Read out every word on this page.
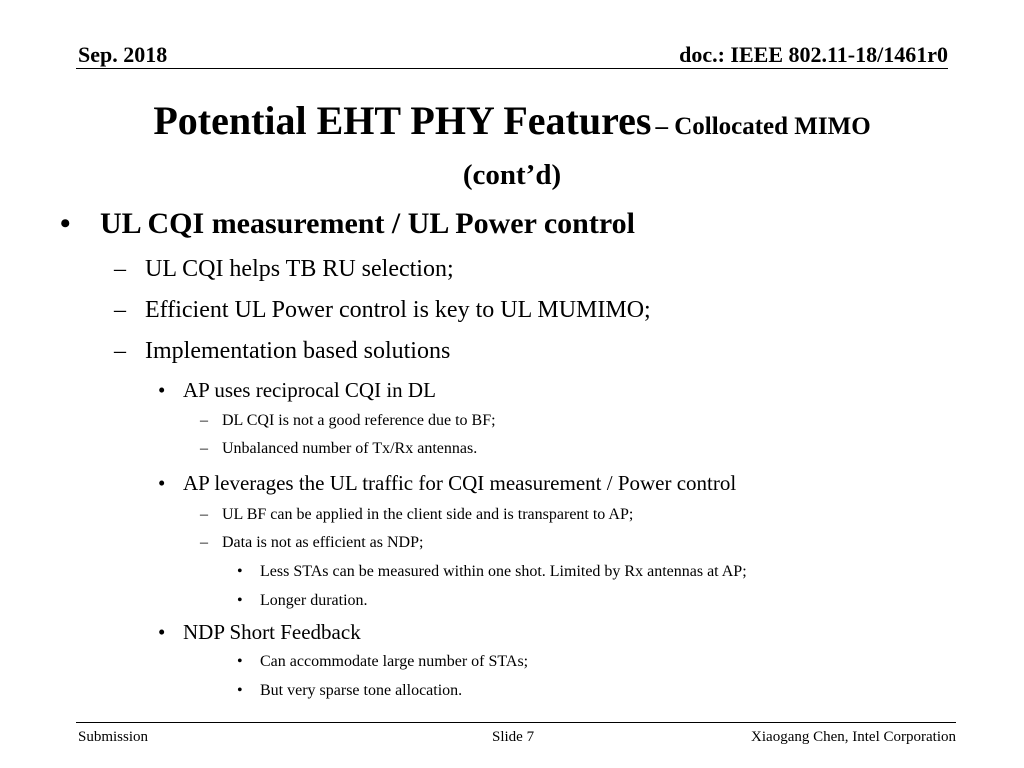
Sep. 2018	doc.: IEEE 802.11-18/1461r0
Potential EHT PHY Features – Collocated MIMO
(cont’d)
• UL CQI measurement / UL Power control
– UL CQI helps TB RU selection;
– Efficient UL Power control is key to UL MUMIMO;
– Implementation based solutions
• AP uses reciprocal CQI in DL
– DL CQI is not a good reference due to BF;
– Unbalanced number of Tx/Rx antennas.
• AP leverages the UL traffic for CQI measurement / Power control
– UL BF can be applied in the client side and is transparent to AP;
– Data is not as efficient as NDP;
• Less STAs can be measured within one shot. Limited by Rx antennas at AP;
• Longer duration.
• NDP Short Feedback
• Can accommodate large number of STAs;
• But very sparse tone allocation.
Submission	Slide 7	Xiaogang Chen, Intel Corporation
